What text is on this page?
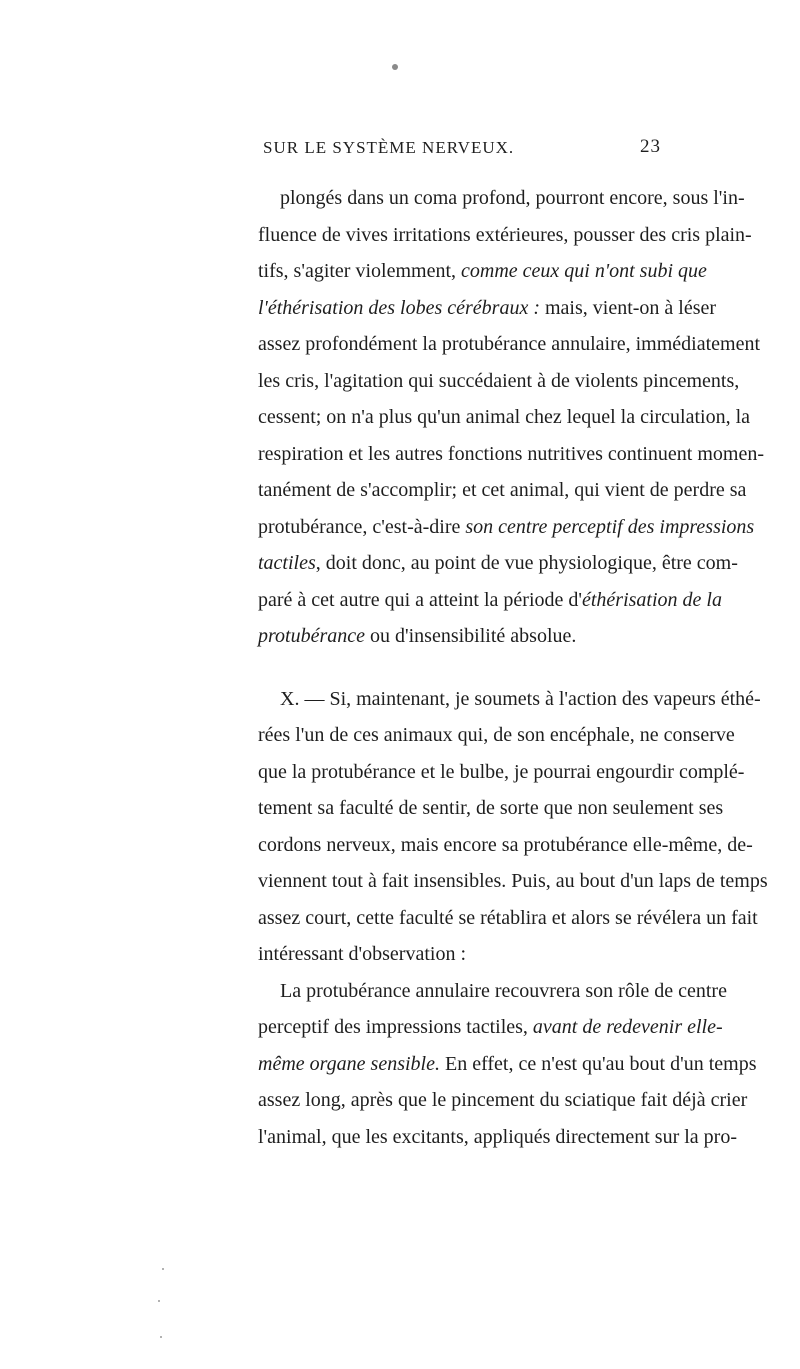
SUR LE SYSTÈME NERVEUX.	23
plongés dans un coma profond, pourront encore, sous l'in-
fluence de vives irritations extérieures, pousser des cris plain-
tifs, s'agiter violemment, comme ceux qui n'ont subi que
l'éthérisation des lobes cérébraux : mais, vient-on à léser
assez profondément la protubérance annulaire, immédiatement
les cris, l'agitation qui succédaient à de violents pincements,
cessent; on n'a plus qu'un animal chez lequel la circulation, la
respiration et les autres fonctions nutritives continuent momen-
tanément de s'accomplir; et cet animal, qui vient de perdre sa
protubérance, c'est-à-dire son centre perceptif des impressions
tactiles, doit donc, au point de vue physiologique, être com-
paré à cet autre qui a atteint la période d'éthérisation de la
protubérance ou d'insensibilité absolue.
X. — Si, maintenant, je soumets à l'action des vapeurs éthé-
rées l'un de ces animaux qui, de son encéphale, ne conserve
que la protubérance et le bulbe, je pourrai engourdir complé-
tement sa faculté de sentir, de sorte que non seulement ses
cordons nerveux, mais encore sa protubérance elle-même, de-
viennent tout à fait insensibles. Puis, au bout d'un laps de temps
assez court, cette faculté se rétablira et alors se révélera un fait
intéressant d'observation :
La protubérance annulaire recouvrera son rôle de centre
perceptif des impressions tactiles, avant de redevenir elle-
même organe sensible. En effet, ce n'est qu'au bout d'un temps
assez long, après que le pincement du sciatique fait déjà crier
l'animal, que les excitants, appliqués directement sur la pro-
